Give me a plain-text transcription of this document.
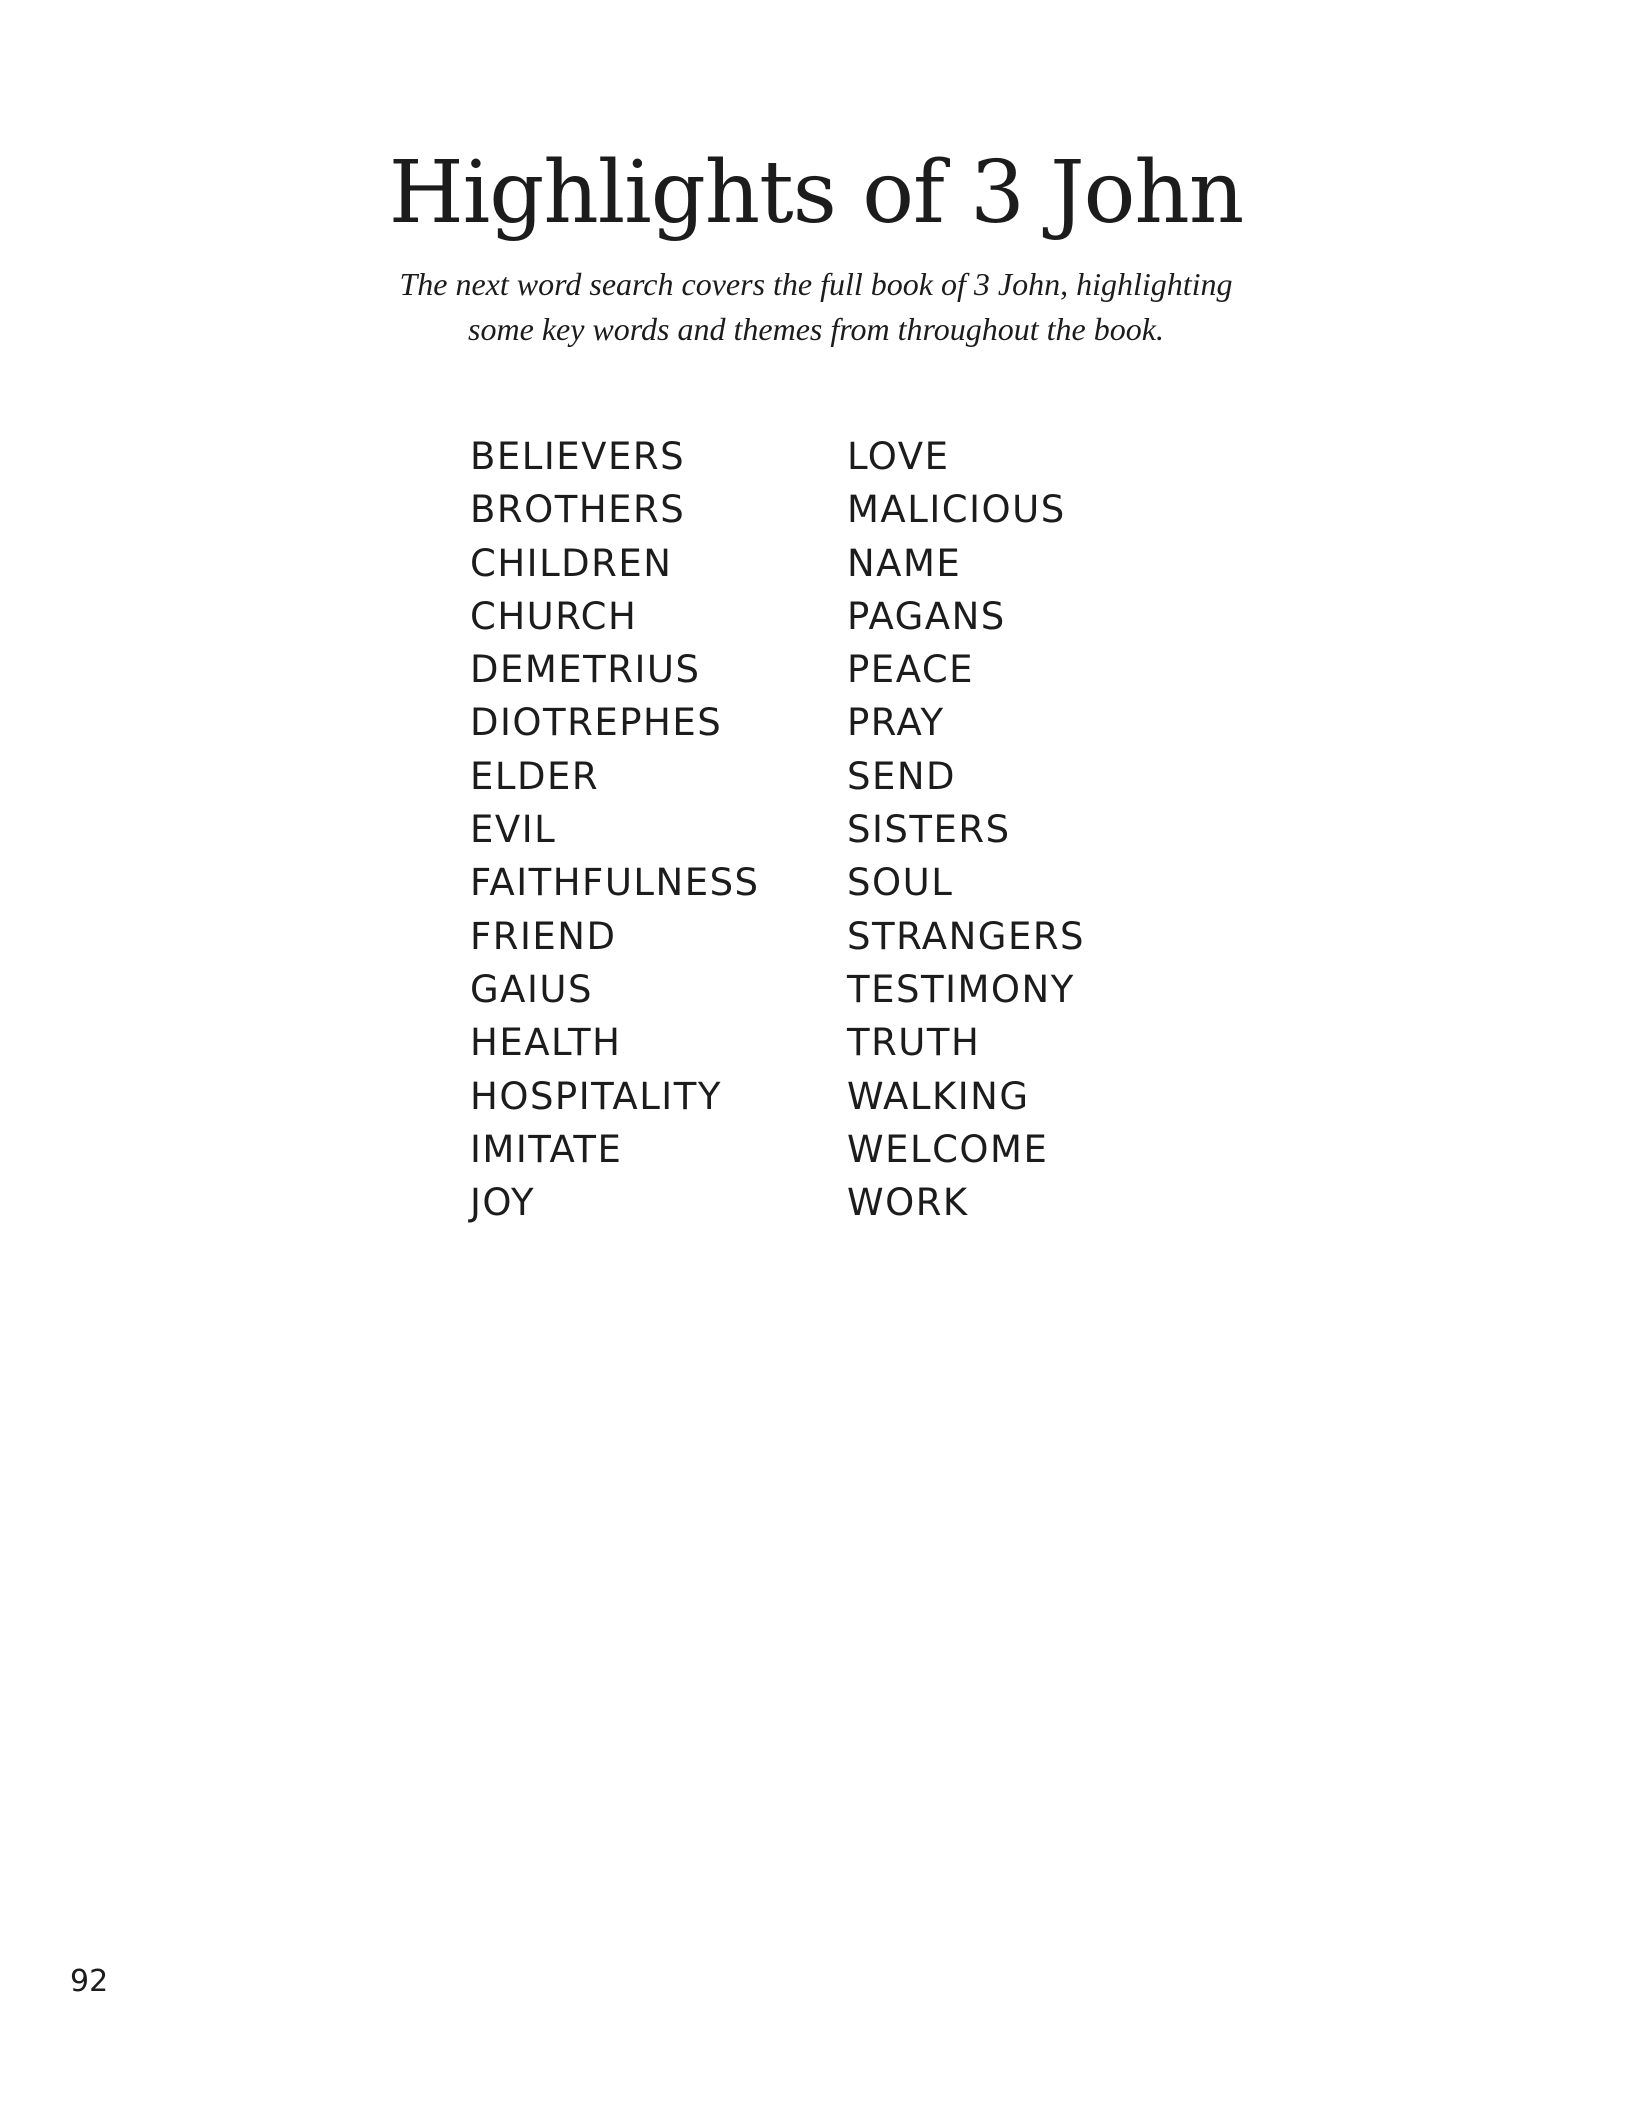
Highlights of 3 John

The next word search covers the full book of 3 John, highlighting
some key words and themes from throughout the book.

BELIEVERS
BROTHERS
CHILDREN
CHURCH
DEMETRIUS
DIOTREPHES
ELDER
EVIL
FAITHFULNESS
FRIEND
GAIUS
HEALTH
HOSPITALITY
IMITATE
JOY
LOVE
MALICIOUS
NAME
PAGANS
PEACE
PRAY
SEND
SISTERS
SOUL
STRANGERS
TESTIMONY
TRUTH
WALKING
WELCOME
WORK
92
